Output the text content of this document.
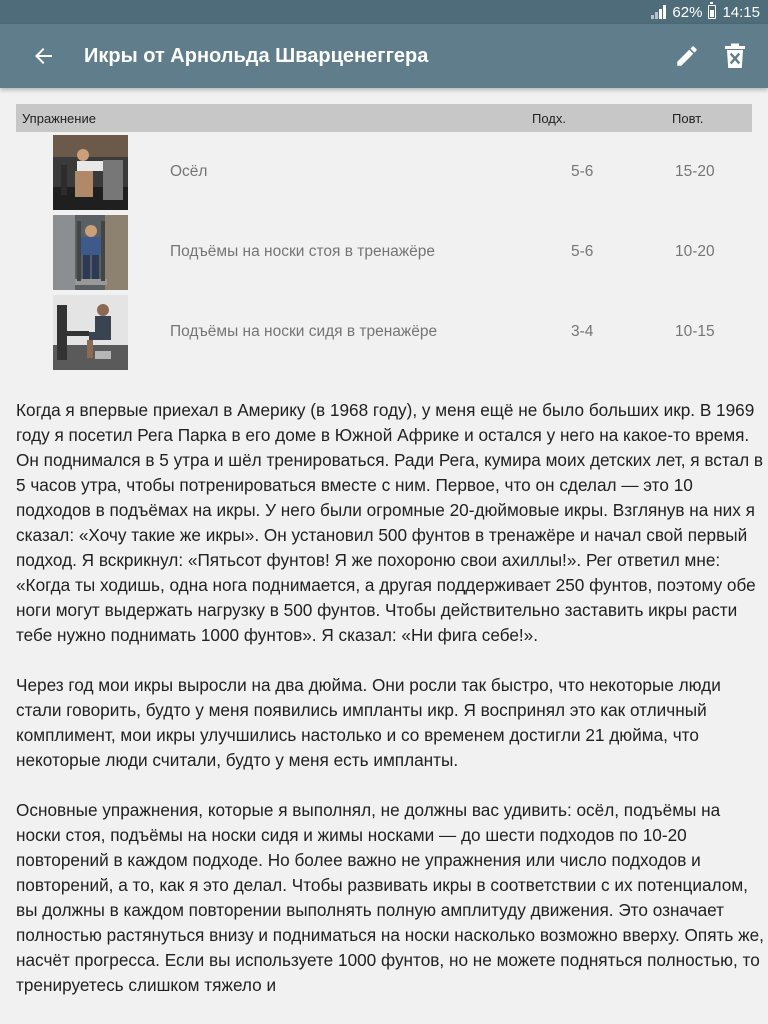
62% 14:15
Икры от Арнольда Шварценеггера
Упражнение	Подх.	Повт.
Осёл	5-6	15-20
Подъёмы на носки стоя в тренажёре	5-6	10-20
Подъёмы на носки сидя в тренажёре	3-4	10-15

Когда я впервые приехал в Америку (в 1968 году), у меня ещё не было больших икр. В 1969 году я посетил Рега Парка в его доме в Южной Африке и остался у него на какое-то время. Он поднимался в 5 утра и шёл тренироваться. Ради Рега, кумира моих детских лет, я встал в 5 часов утра, чтобы потренироваться вместе с ним. Первое, что он сделал — это 10 подходов в подъёмах на икры. У него были огромные 20-дюймовые икры. Взглянув на них я сказал: «Хочу такие же икры». Он установил 500 фунтов в тренажёре и начал свой первый подход. Я вскрикнул: «Пятьсот фунтов! Я же похороню свои ахиллы!». Рег ответил мне: «Когда ты ходишь, одна нога поднимается, а другая поддерживает 250 фунтов, поэтому обе ноги могут выдержать нагрузку в 500 фунтов. Чтобы действительно заставить икры расти тебе нужно поднимать 1000 фунтов». Я сказал: «Ни фига себе!».

Через год мои икры выросли на два дюйма. Они росли так быстро, что некоторые люди стали говорить, будто у меня появились импланты икр. Я воспринял это как отличный комплимент, мои икры улучшились настолько и со временем достигли 21 дюйма, что некоторые люди считали, будто у меня есть импланты.

Основные упражнения, которые я выполнял, не должны вас удивить: осёл, подъёмы на носки стоя, подъёмы на носки сидя и жимы носками — до шести подходов по 10-20 повторений в каждом подходе. Но более важно не упражнения или число подходов и повторений, а то, как я это делал. Чтобы развивать икры в соответствии с их потенциалом, вы должны в каждом повторении выполнять полную амплитуду движения. Это означает полностью растянуться внизу и подниматься на носки насколько возможно вверху. Опять же, насчёт прогресса. Если вы используете 1000 фунтов, но не можете подняться полностью, то тренируетесь слишком тяжело и
